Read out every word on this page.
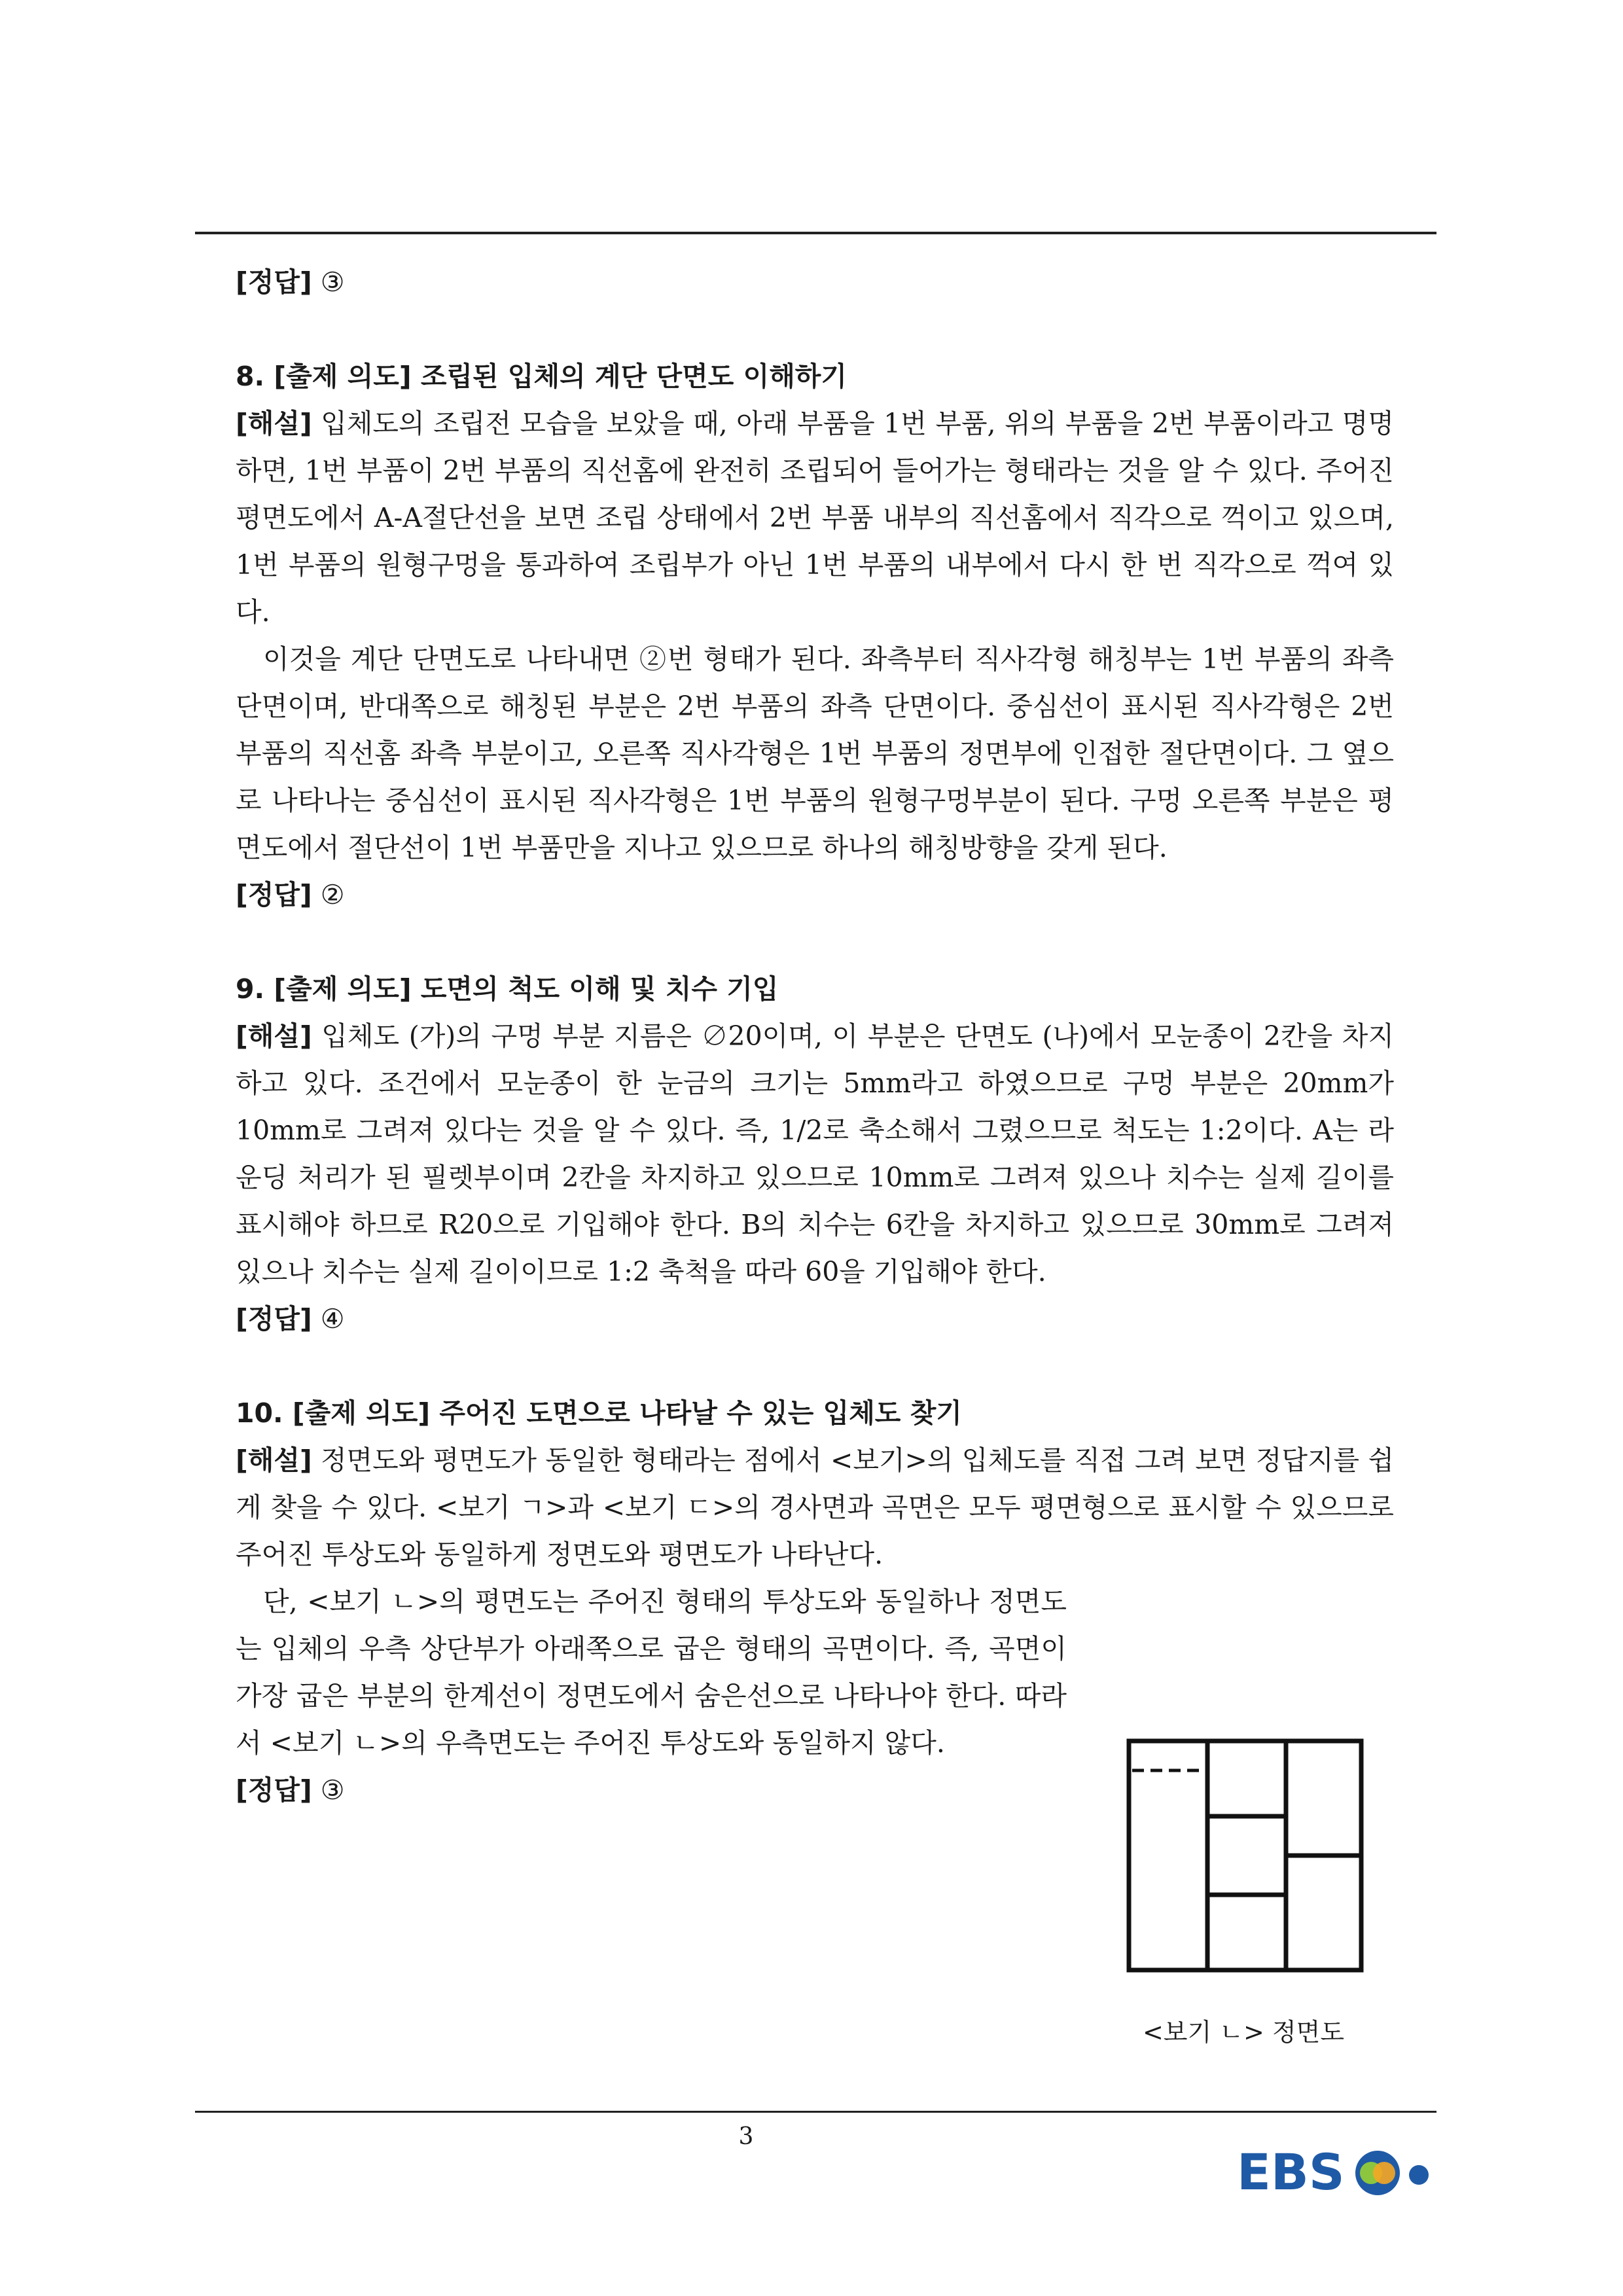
[정답] ③
8. [출제 의도] 조립된 입체의 계단 단면도 이해하기

[해설] 입체도의 조립전 모습을 보았을 때, 아래 부품을 1번 부품, 위의 부품을 2번 부품이라고 명명하면, 1번 부품이 2번 부품의 직선홈에 완전히 조립되어 들어가는 형태라는 것을 알 수 있다. 주어진 평면도에서 A-A절단선을 보면 조립 상태에서 2번 부품 내부의 직선홈에서 직각으로 꺽이고 있으며, 1번 부품의 원형구멍을 통과하여 조립부가 아닌 1번 부품의 내부에서 다시 한 번 직각으로 꺽여 있다.

이것을 계단 단면도로 나타내면 ②번 형태가 된다. 좌측부터 직사각형 해칭부는 1번 부품의 좌측 단면이며, 반대쪽으로 해칭된 부분은 2번 부품의 좌측 단면이다. 중심선이 표시된 직사각형은 2번 부품의 직선홈 좌측 부분이고, 오른쪽 직사각형은 1번 부품의 정면부에 인접한 절단면이다. 그 옆으로 나타나는 중심선이 표시된 직사각형은 1번 부품의 원형구멍부분이 된다. 구멍 오른쪽 부분은 평면도에서 절단선이 1번 부품만을 지나고 있으므로 하나의 해칭방향을 갖게 된다.

[정답] ②
9. [출제 의도] 도면의 척도 이해 및 치수 기입

[해설] 입체도 (가)의 구멍 부분 지름은 ∅20이며, 이 부분은 단면도 (나)에서 모눈종이 2칸을 차지하고 있다. 조건에서 모눈종이 한 눈금의 크기는 5mm라고 하였으므로 구멍 부분은 20mm가 10mm로 그려져 있다는 것을 알 수 있다. 즉, 1/2로 축소해서 그렸으므로 척도는 1:2이다. A는 라운딩 처리가 된 필렛부이며 2칸을 차지하고 있으므로 10mm로 그려져 있으나 치수는 실제 길이를 표시해야 하므로 R20으로 기입해야 한다. B의 치수는 6칸을 차지하고 있으므로 30mm로 그려져 있으나 치수는 실제 길이이므로 1:2 축척을 따라 60을 기입해야 한다.

[정답] ④
10. [출제 의도] 주어진 도면으로 나타날 수 있는 입체도 찾기

[해설] 정면도와 평면도가 동일한 형태라는 점에서 <보기>의 입체도를 직접 그려 보면 정답지를 쉽게 찾을 수 있다. <보기 ㄱ>과 <보기 ㄷ>의 경사면과 곡면은 모두 평면형으로 표시할 수 있으므로 주어진 투상도와 동일하게 정면도와 평면도가 나타난다.

단, <보기 ㄴ>의 평면도는 주어진 형태의 투상도와 동일하나 정면도는 입체의 우측 상단부가 아래쪽으로 굽은 형태의 곡면이다. 즉, 곡면이 가장 굽은 부분의 한계선이 정면도에서 숨은선으로 나타나야 한다. 따라서 <보기 ㄴ>의 우측면도는 주어진 투상도와 동일하지 않다.

[정답] ③
<보기 ㄴ> 정면도
3
EBS
